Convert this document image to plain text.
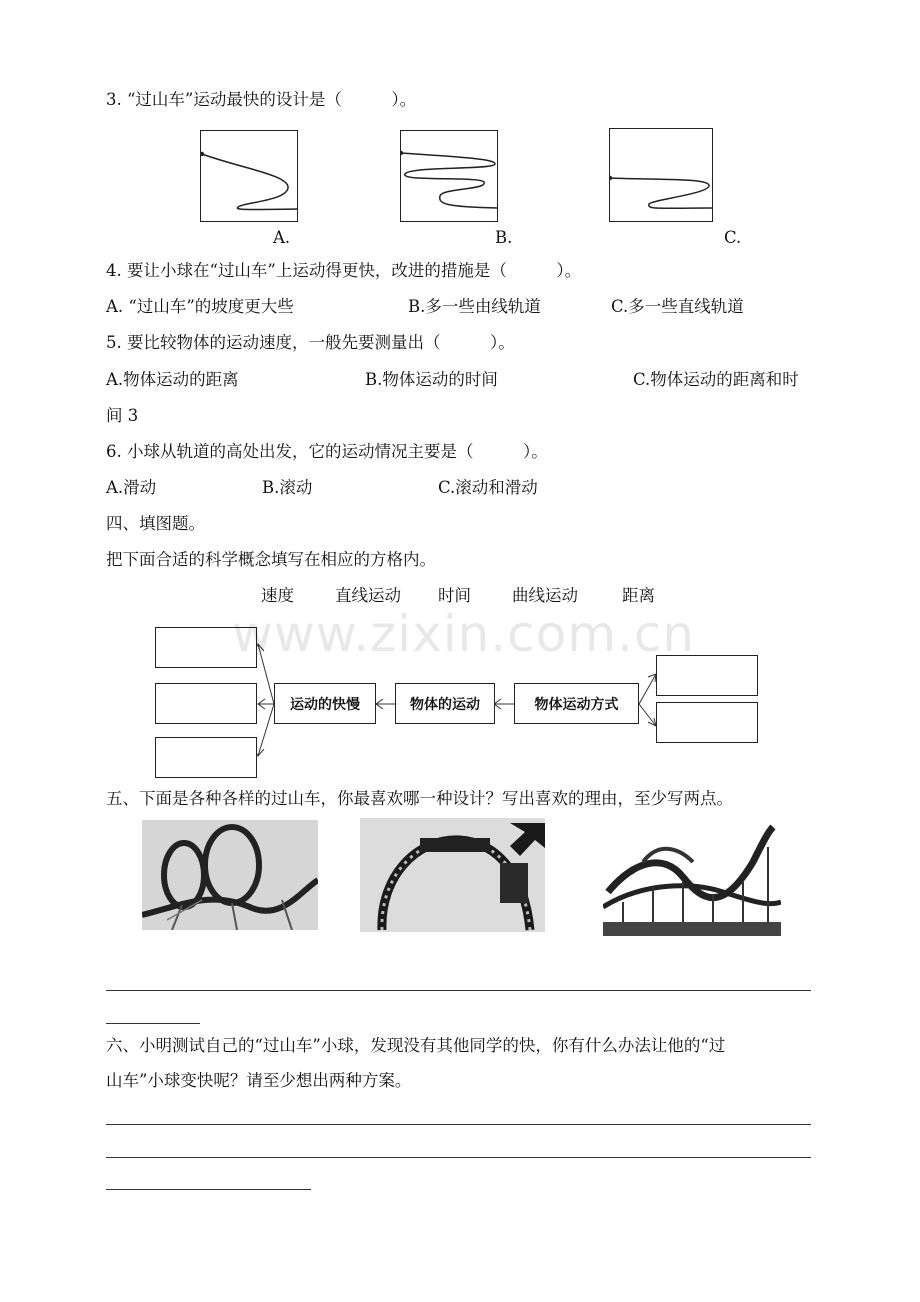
3. “过山车”运动最快的设计是（　　　）。
A.	B.	C.
4. 要让小球在“过山车”上运动得更快，改进的措施是（　　　）。
A. “过山车”的坡度更大些	B.多一些由线轨道	C.多一些直线轨道
5. 要比较物体的运动速度，一般先要测量出（　　　）。
A.物体运动的距离	B.物体运动的时间	C.物体运动的距离和时
间 3
6. 小球从轨道的高处出发，它的运动情况主要是（　　　）。
A.滑动	B.滚动	C.滚动和滑动
四、填图题。
把下面合适的科学概念填写在相应的方格内。
速度 直线运动 时间 曲线运动	距离
运动的快慢	物体的运动	物体运动方式
www.zixin.com.cn
五、下面是各种各样的过山车，你最喜欢哪一种设计？写出喜欢的理由，至少写两点。
六、小明测试自己的“过山车”小球，发现没有其他同学的快，你有什么办法让他的“过
山车”小球变快呢？请至少想出两种方案。
